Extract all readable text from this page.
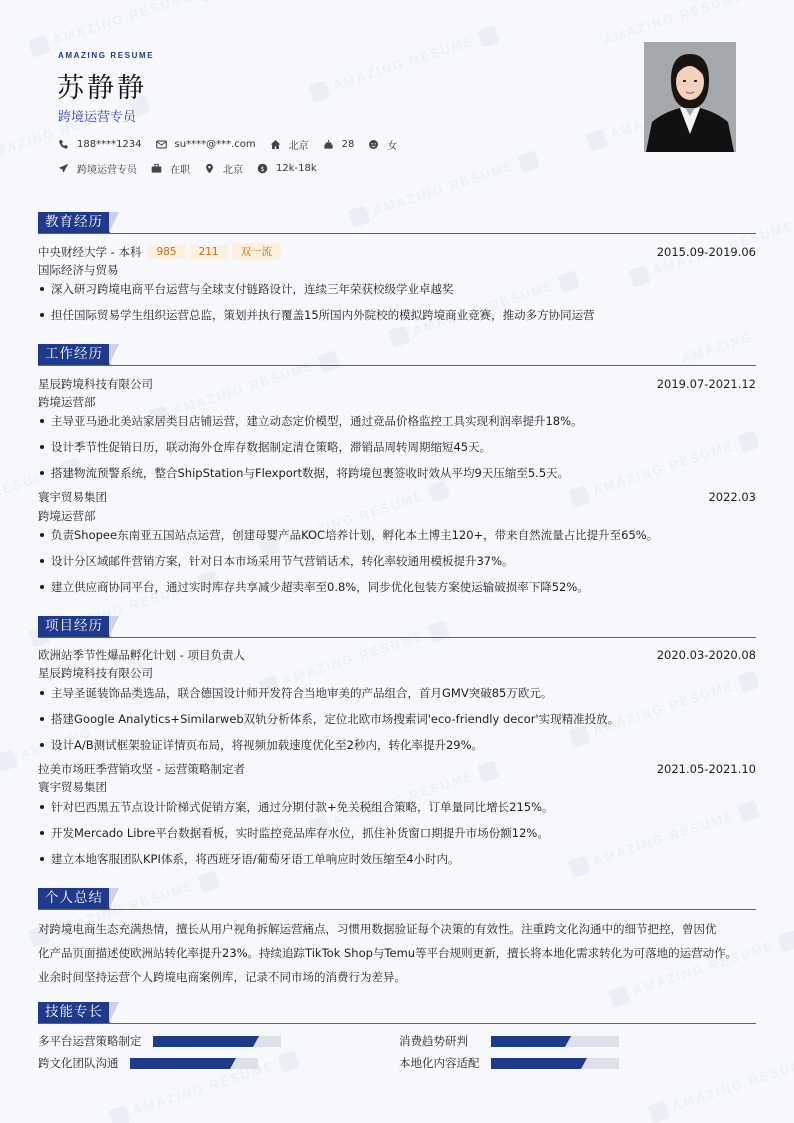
AMAZING RESUME
苏静静
跨境运营专员
188****1234	su****@***.com	北京	28	女
跨境运营专员	在职	北京 $ 12k-18k
教育经历
中央财经大学 - 本科	985	211	双一流	2015.09-2019.06
国际经济与贸易
深入研习跨境电商平台运营与全球支付链路设计，连续三年荣获校级学业卓越奖
担任国际贸易学生组织运营总监，策划并执行覆盖15所国内外院校的模拟跨境商业竞赛，推动多方协同运营
工作经历
星辰跨境科技有限公司	2019.07-2021.12
跨境运营部
主导亚马逊北美站家居类目店铺运营，建立动态定价模型，通过竞品价格监控工具实现利润率提升18%。
设计季节性促销日历，联动海外仓库存数据制定清仓策略，滞销品周转周期缩短45天。
搭建物流预警系统，整合ShipStation与Flexport数据，将跨境包裹签收时效从平均9天压缩至5.5天。
寰宇贸易集团	2022.03
跨境运营部
负责Shopee东南亚五国站点运营，创建母婴产品KOC培养计划，孵化本土博主120+，带来自然流量占比提升至65%。
设计分区域邮件营销方案，针对日本市场采用节气营销话术，转化率较通用模板提升37%。
建立供应商协同平台，通过实时库存共享减少超卖率至0.8%，同步优化包装方案使运输破损率下降52%。
项目经历
欧洲站季节性爆品孵化计划 - 项目负责人	2020.03-2020.08
星辰跨境科技有限公司
主导圣诞装饰品类选品，联合德国设计师开发符合当地审美的产品组合，首月GMV突破85万欧元。
搭建Google Analytics+Similarweb双轨分析体系，定位北欧市场搜索词'eco-friendly decor'实现精准投放。
设计A/B测试框架验证详情页布局，将视频加载速度优化至2秒内，转化率提升29%。
拉美市场旺季营销攻坚 - 运营策略制定者	2021.05-2021.10
寰宇贸易集团
针对巴西黑五节点设计阶梯式促销方案，通过分期付款+免关税组合策略，订单量同比增长215%。
开发Mercado Libre平台数据看板，实时监控竞品库存水位，抓住补货窗口期提升市场份额12%。
建立本地客服团队KPI体系，将西班牙语/葡萄牙语工单响应时效压缩至4小时内。
个人总结
对跨境电商生态充满热情，擅长从用户视角拆解运营痛点，习惯用数据验证每个决策的有效性。注重跨文化沟通中的细节把控，曾因优
化产品页面描述使欧洲站转化率提升23%。持续追踪TikTok Shop与Temu等平台规则更新，擅长将本地化需求转化为可落地的运营动作。
业余时间坚持运营个人跨境电商案例库，记录不同市场的消费行为差异。
技能专长
多平台运营策略制定	消费趋势研判
跨文化团队沟通	本地化内容适配
